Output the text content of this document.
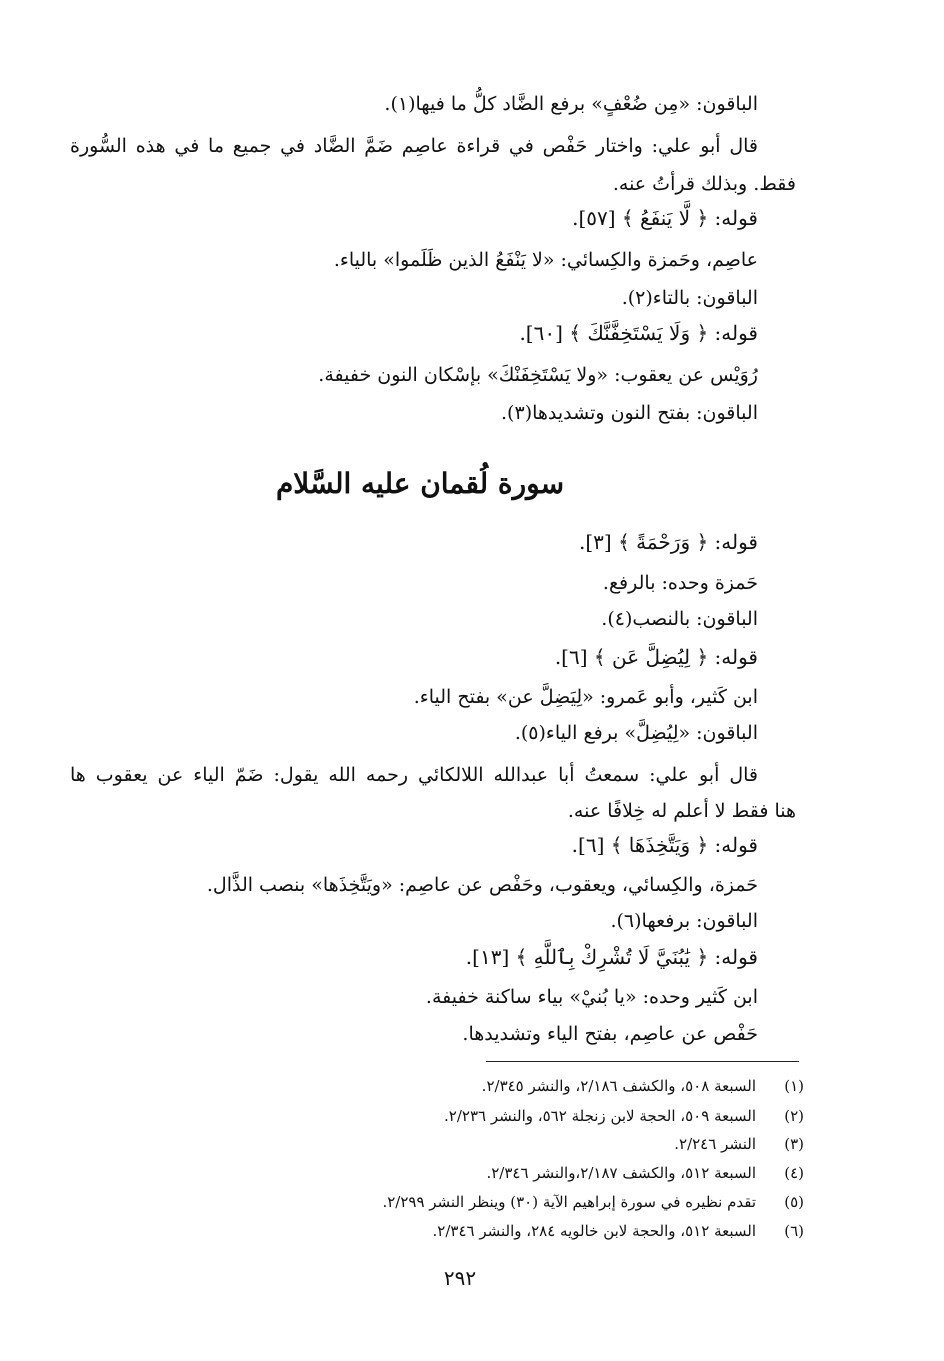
الباقون: «مِن ضُعْفٍ» برفع الضَّاد كلُّ ما فيها(١).
قال أبو علي: واختار حَفْص في قراءة عاصِم ضَمَّ الضَّاد في جميع ما في هذه السُّورة
فقط. وبذلك قرأتُ عنه.
قوله: ﴿ لَّا يَنفَعُ ﴾ [٥٧].
عاصِم، وحَمزة والكِسائي: «لا يَنْفَعُ الذين ظَلَموا» بالياء.
الباقون: بالتاء(٢).
قوله: ﴿ وَلَا يَسْتَخِفَّنَّكَ ﴾ [٦٠].
رُوَيْس عن يعقوب: «ولا يَسْتَخِفَنْكَ» بإسْكان النون خفيفة.
الباقون: بفتح النون وتشديدها(٣).
سورة لُقمان عليه السَّلام
قوله: ﴿ وَرَحْمَةً ﴾ [٣].
حَمزة وحده: بالرفع.
الباقون: بالنصب(٤).
قوله: ﴿ لِيُضِلَّ عَن ﴾ [٦].
ابن كَثير، وأبو عَمرو: «لِيَضِلَّ عن» بفتح الياء.
الباقون: «لِيُضِلَّ» برفع الياء(٥).
قال أبو علي: سمعتُ أبا عبدالله اللالكائي رحمه الله يقول: ضَمّ الياء عن يعقوب ها
هنا فقط لا أعلم له خِلافًا عنه.
قوله: ﴿ وَيَتَّخِذَهَا ﴾ [٦].
حَمزة، والكِسائي، ويعقوب، وحَفْص عن عاصِم: «ويَتَّخِذَها» بنصب الذَّال.
الباقون: برفعها(٦).
قوله: ﴿ يَٰبُنَيَّ لَا تُشْرِكْ بِٱللَّهِ ﴾ [١٣].
ابن كَثير وحده: «يا بُنيْ» بياء ساكنة خفيفة.
حَفْص عن عاصِم، بفتح الياء وتشديدها.
(١)
السبعة ٥٠٨، والكشف ٢/١٨٦، والنشر ٢/٣٤٥.
(٢)
السبعة ٥٠٩، الحجة لابن زنجلة ٥٦٢، والنشر ٢/٢٣٦.
(٣)
النشر ٢/٢٤٦.
(٤)
السبعة ٥١٢، والكشف ٢/١٨٧،والنشر ٢/٣٤٦.
(٥)
تقدم نظيره في سورة إبراهيم الآية (٣٠) وينظر النشر ٢/٢٩٩.
(٦)
السبعة ٥١٢، والحجة لابن خالويه ٢٨٤، والنشر ٢/٣٤٦.
٢٩٢
